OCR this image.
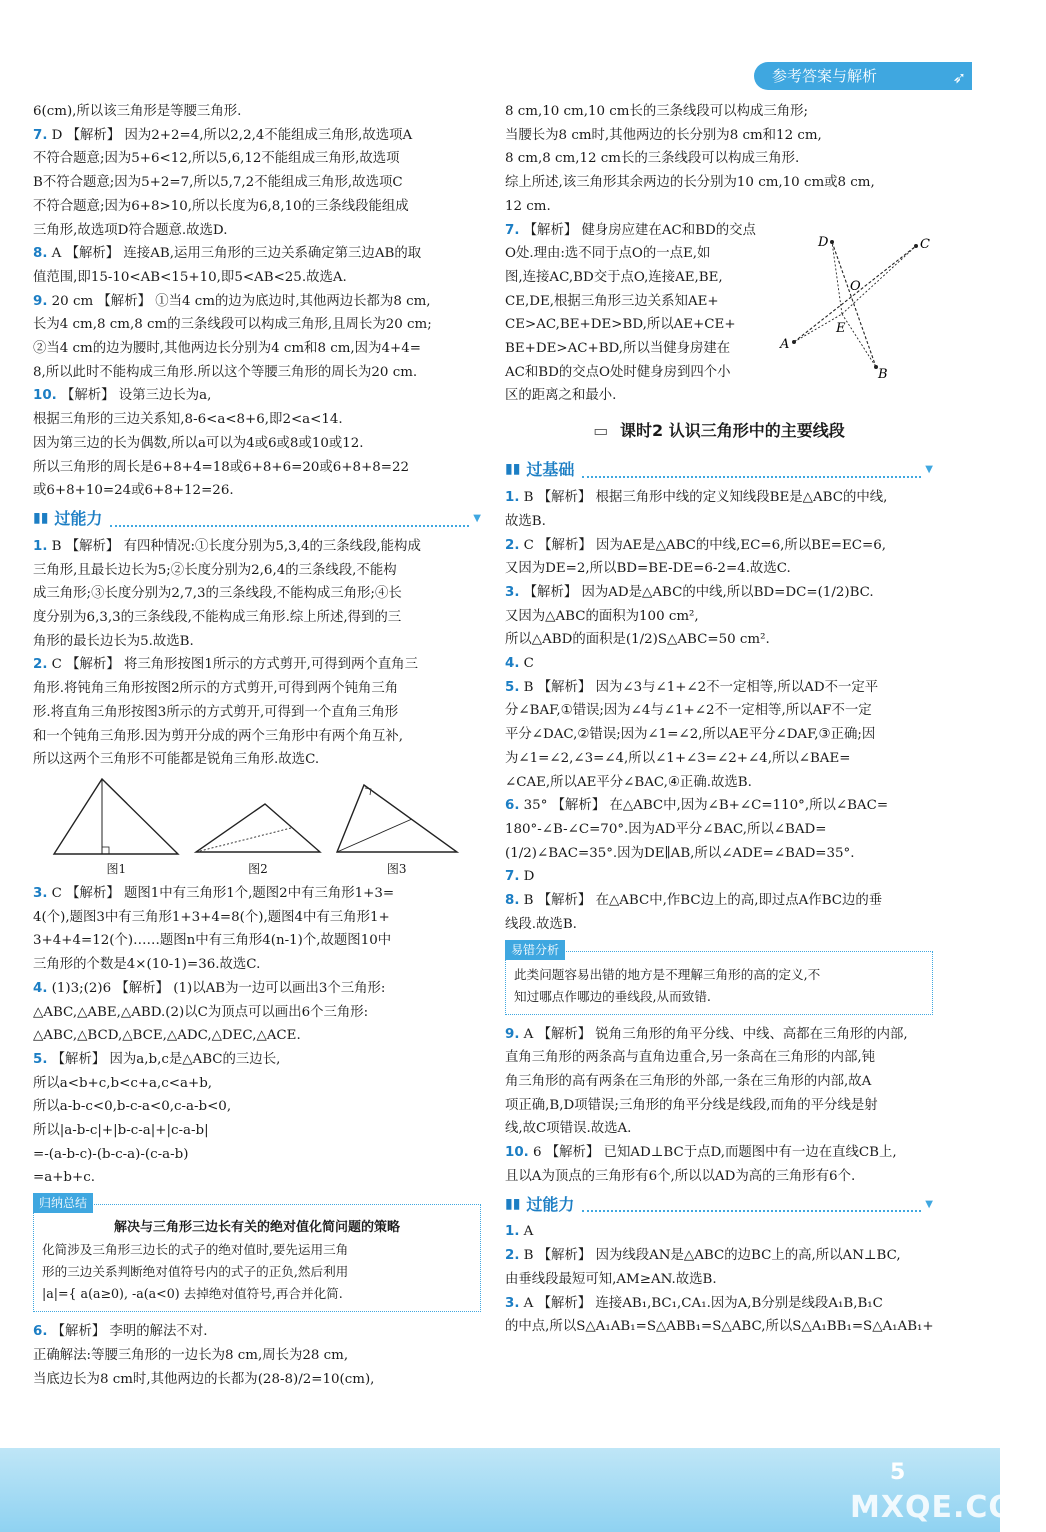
参考答案与解析	➶
6(cm),所以该三角形是等腰三角形.
7. D 【解析】 因为2+2=4,所以2,2,4不能组成三角形,故选项A
不符合题意;因为5+6<12,所以5,6,12不能组成三角形,故选项
B不符合题意;因为5+2=7,所以5,7,2不能组成三角形,故选项C
不符合题意;因为6+8>10,所以长度为6,8,10的三条线段能组成
三角形,故选项D符合题意.故选D.
8. A 【解析】 连接AB,运用三角形的三边关系确定第三边AB的取
值范围,即15-10<AB<15+10,即5<AB<25.故选A.
9. 20 cm 【解析】 ①当4 cm的边为底边时,其他两边长都为8 cm,
长为4 cm,8 cm,8 cm的三条线段可以构成三角形,且周长为20 cm;
②当4 cm的边为腰时,其他两边长分别为4 cm和8 cm,因为4+4=
8,所以此时不能构成三角形.所以这个等腰三角形的周长为20 cm.
10. 【解析】 设第三边长为a,
根据三角形的三边关系知,8-6<a<8+6,即2<a<14.
因为第三边的长为偶数,所以a可以为4或6或8或10或12.
所以三角形的周长是6+8+4=18或6+8+6=20或6+8+8=22
或6+8+10=24或6+8+12=26.
▮▮ 过能力	▼
1. B 【解析】 有四种情况:①长度分别为5,3,4的三条线段,能构成
三角形,且最长边长为5;②长度分别为2,6,4的三条线段,不能构
成三角形;③长度分别为2,7,3的三条线段,不能构成三角形;④长
度分别为6,3,3的三条线段,不能构成三角形.综上所述,得到的三
角形的最长边长为5.故选B.
2. C 【解析】 将三角形按图1所示的方式剪开,可得到两个直角三
角形.将钝角三角形按图2所示的方式剪开,可得到两个钝角三角
形.将直角三角形按图3所示的方式剪开,可得到一个直角三角形
和一个钝角三角形.因为剪开分成的两个三角形中有两个角互补,
所以这两个三角形不可能都是锐角三角形.故选C.
图1	图2	图3
3. C 【解析】 题图1中有三角形1个,题图2中有三角形1+3=
4(个),题图3中有三角形1+3+4=8(个),题图4中有三角形1+
3+4+4=12(个)……题图n中有三角形4(n-1)个,故题图10中
三角形的个数是4×(10-1)=36.故选C.
4. (1)3;(2)6 【解析】 (1)以AB为一边可以画出3个三角形:
△ABC,△ABE,△ABD.(2)以C为顶点可以画出6个三角形:
△ABC,△BCD,△BCE,△ADC,△DEC,△ACE.
5. 【解析】 因为a,b,c是△ABC的三边长,
所以a<b+c,b<c+a,c<a+b,
所以a-b-c<0,b-c-a<0,c-a-b<0,
所以|a-b-c|+|b-c-a|+|c-a-b|
=-(a-b-c)-(b-c-a)-(c-a-b)
=a+b+c.
归纳总结
解决与三角形三边长有关的绝对值化简问题的策略
化简涉及三角形三边长的式子的绝对值时,要先运用三角
形的三边关系判断绝对值符号内的式子的正负,然后利用
|a|={ a(a≥0), -a(a<0) 去掉绝对值符号,再合并化简.
6. 【解析】 李明的解法不对.
正确解法:等腰三角形的一边长为8 cm,周长为28 cm,
当底边长为8 cm时,其他两边的长都为(28-8)/2=10(cm),
8 cm,10 cm,10 cm长的三条线段可以构成三角形;
当腰长为8 cm时,其他两边的长分别为8 cm和12 cm,
8 cm,8 cm,12 cm长的三条线段可以构成三角形.
综上所述,该三角形其余两边的长分别为10 cm,10 cm或8 cm,
12 cm.
7. 【解析】 健身房应建在AC和BD的交点
O处.理由:选不同于点O的一点E,如
图,连接AC,BD交于点O,连接AE,BE,
CE,DE,根据三角形三边关系知AE+
CE>AC,BE+DE>BD,所以AE+CE+
BE+DE>AC+BD,所以当健身房建在
AC和BD的交点O处时健身房到四个小
区的距离之和最小.
▭ 课时2 认识三角形中的主要线段
▮▮ 过基础	▼
1. B 【解析】 根据三角形中线的定义知线段BE是△ABC的中线,
故选B.
2. C 【解析】 因为AE是△ABC的中线,EC=6,所以BE=EC=6,
又因为DE=2,所以BD=BE-DE=6-2=4.故选C.
3. 【解析】 因为AD是△ABC的中线,所以BD=DC=(1/2)BC.
又因为△ABC的面积为100 cm²,
所以△ABD的面积是(1/2)S△ABC=50 cm².
4. C
5. B 【解析】 因为∠3与∠1+∠2不一定相等,所以AD不一定平
分∠BAF,①错误;因为∠4与∠1+∠2不一定相等,所以AF不一定
平分∠DAC,②错误;因为∠1=∠2,所以AE平分∠DAF,③正确;因
为∠1=∠2,∠3=∠4,所以∠1+∠3=∠2+∠4,所以∠BAE=
∠CAE,所以AE平分∠BAC,④正确.故选B.
6. 35° 【解析】 在△ABC中,因为∠B+∠C=110°,所以∠BAC=
180°-∠B-∠C=70°.因为AD平分∠BAC,所以∠BAD=
(1/2)∠BAC=35°.因为DE∥AB,所以∠ADE=∠BAD=35°.
7. D
8. B 【解析】 在△ABC中,作BC边上的高,即过点A作BC边的垂
线段.故选B.
易错分析
此类问题容易出错的地方是不理解三角形的高的定义,不
知过哪点作哪边的垂线段,从而致错.
9. A 【解析】 锐角三角形的角平分线、中线、高都在三角形的内部,
直角三角形的两条高与直角边重合,另一条高在三角形的内部,钝
角三角形的高有两条在三角形的外部,一条在三角形的内部,故A
项正确,B,D项错误;三角形的角平分线是线段,而角的平分线是射
线,故C项错误.故选A.
10. 6 【解析】 已知AD⊥BC于点D,而题图中有一边在直线CB上,
且以A为顶点的三角形有6个,所以以AD为高的三角形有6个.
▮▮ 过能力	▼
1. A
2. B 【解析】 因为线段AN是△ABC的边BC上的高,所以AN⊥BC,
由垂线段最短可知,AM≥AN.故选B.
3. A 【解析】 连接AB₁,BC₁,CA₁.因为A,B分别是线段A₁B,B₁C
的中点,所以S△A₁AB₁=S△ABB₁=S△ABC,所以S△A₁BB₁=S△A₁AB₁+
D	C
O
E
A
B
5
MXQE.COM
